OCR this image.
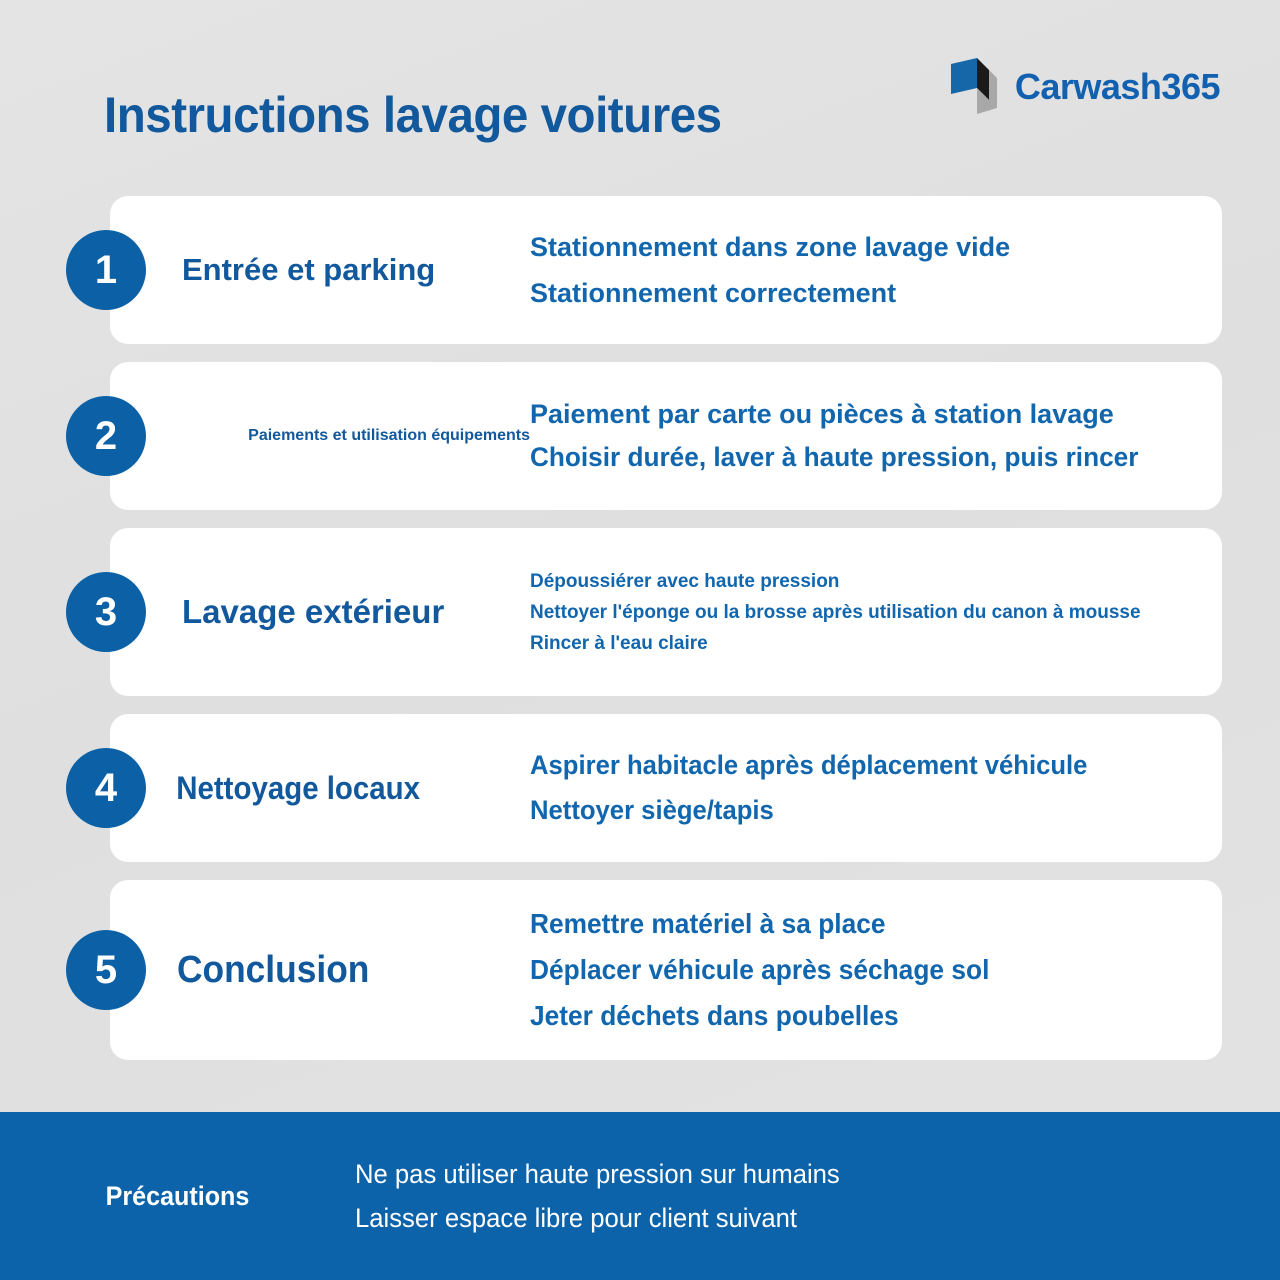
Instructions lavage voitures
Carwash365
1	Entrée et parking
Stationnement dans zone lavage vide
Stationnement correctement
2	Paiements et utilisation équipements
Paiement par carte ou pièces à station lavage
Choisir durée, laver à haute pression, puis rincer
3	Lavage extérieur
Dépoussiérer avec haute pression
Nettoyer l'éponge ou la brosse après utilisation du canon à mousse
Rincer à l'eau claire
4	Nettoyage locaux
Aspirer habitacle après déplacement véhicule
Nettoyer siège/tapis
5	Conclusion
Remettre matériel à sa place
Déplacer véhicule après séchage sol
Jeter déchets dans poubelles
Précautions
Ne pas utiliser haute pression sur humains
Laisser espace libre pour client suivant
